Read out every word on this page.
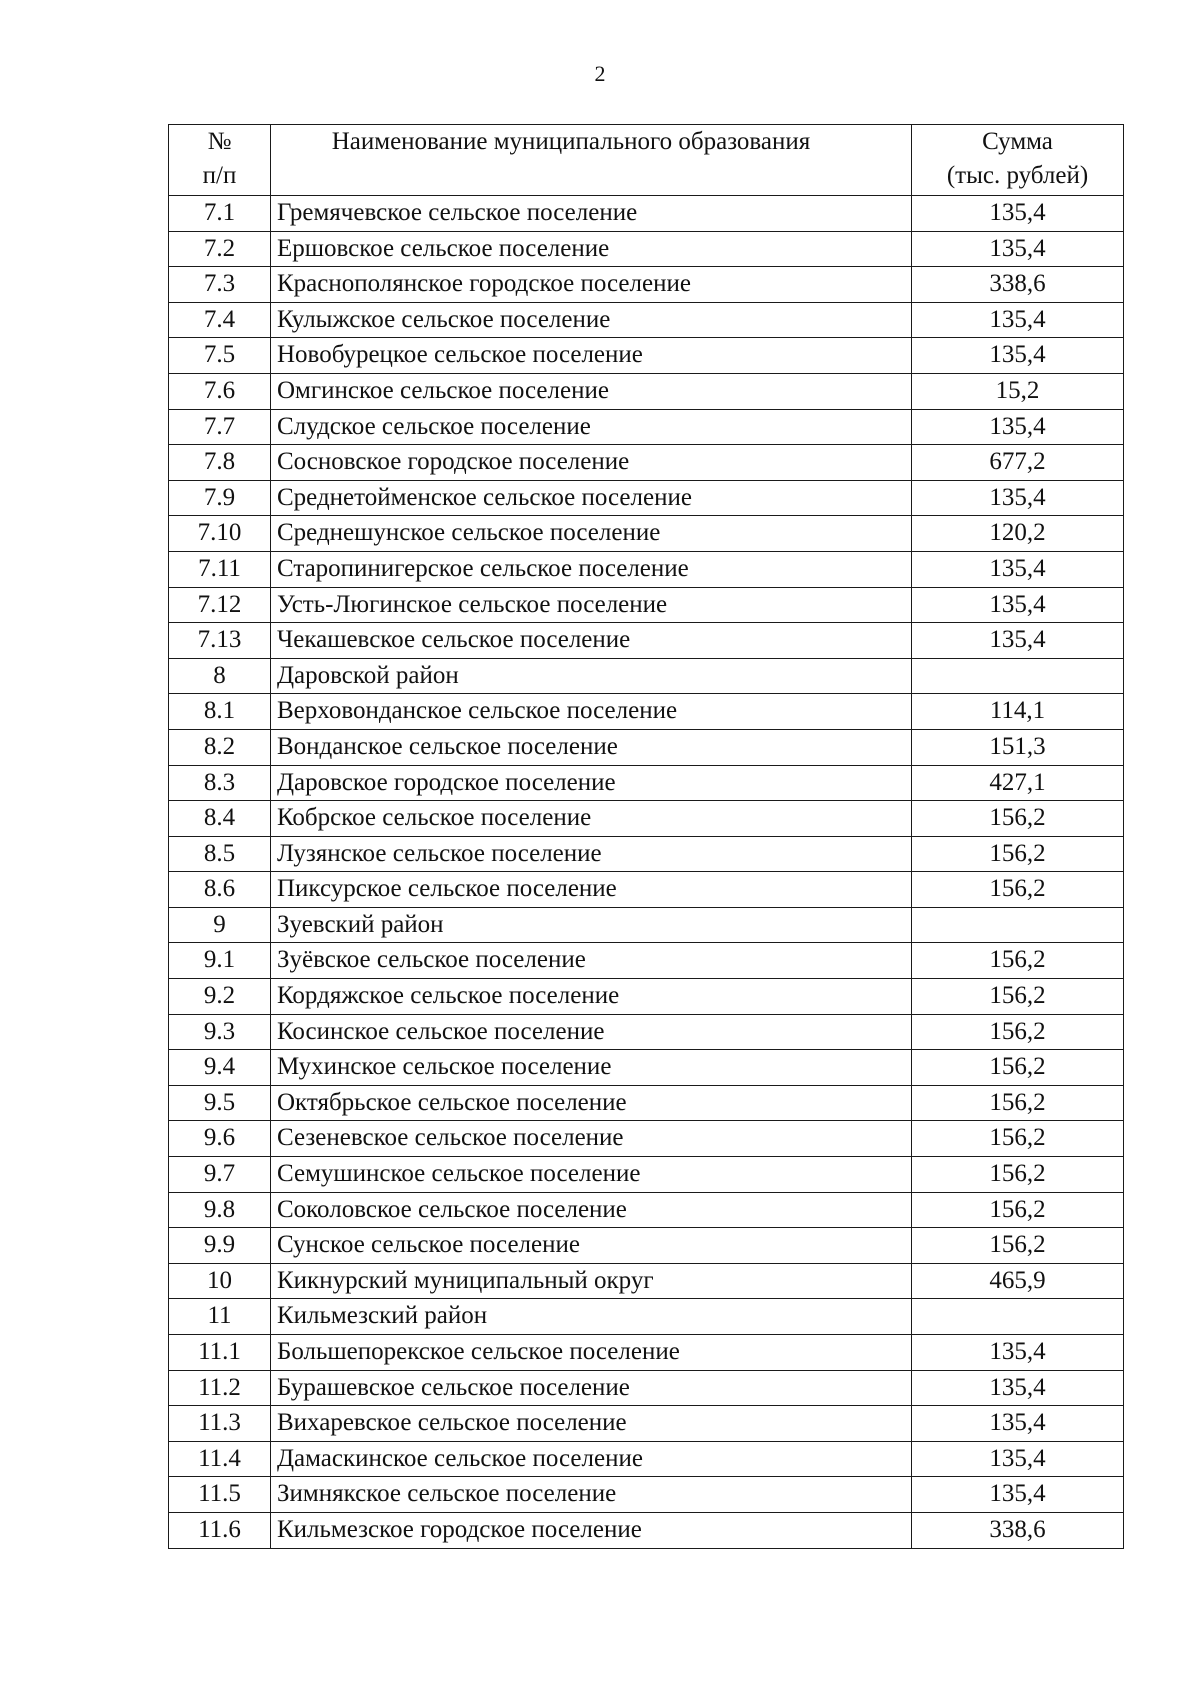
2
№
п/п	Наименование муниципального образования	Сумма
(тыс. рублей)

7.1	Гремячевское сельское поселение	135,4
7.2	Ершовское сельское поселение	135,4
7.3	Краснополянское городское поселение	338,6
7.4	Кулыжское сельское поселение	135,4
7.5	Новобурецкое сельское поселение	135,4
7.6	Омгинское сельское поселение	15,2
7.7	Слудское сельское поселение	135,4
7.8	Сосновское городское поселение	677,2
7.9	Среднетойменское сельское поселение	135,4
7.10	Среднешунское сельское поселение	120,2
7.11	Старопинигерское сельское поселение	135,4
7.12	Усть-Люгинское сельское поселение	135,4
7.13	Чекашевское сельское поселение	135,4
8	Даровской район	
8.1	Верховонданское сельское поселение	114,1
8.2	Вонданское сельское поселение	151,3
8.3	Даровское городское поселение	427,1
8.4	Кобрское сельское поселение	156,2
8.5	Лузянское сельское поселение	156,2
8.6	Пиксурское сельское поселение	156,2
9	Зуевский район	
9.1	Зуёвское сельское поселение	156,2
9.2	Кордяжское сельское поселение	156,2
9.3	Косинское сельское поселение	156,2
9.4	Мухинское сельское поселение	156,2
9.5	Октябрьское сельское поселение	156,2
9.6	Сезеневское сельское поселение	156,2
9.7	Семушинское сельское поселение	156,2
9.8	Соколовское сельское поселение	156,2
9.9	Сунское сельское поселение	156,2
10	Кикнурский муниципальный округ	465,9
11	Кильмезский район	
11.1	Большепорекское сельское поселение	135,4
11.2	Бурашевское сельское поселение	135,4
11.3	Вихаревское сельское поселение	135,4
11.4	Дамаскинское сельское поселение	135,4
11.5	Зимнякское сельское поселение	135,4
11.6	Кильмезское городское поселение	338,6
